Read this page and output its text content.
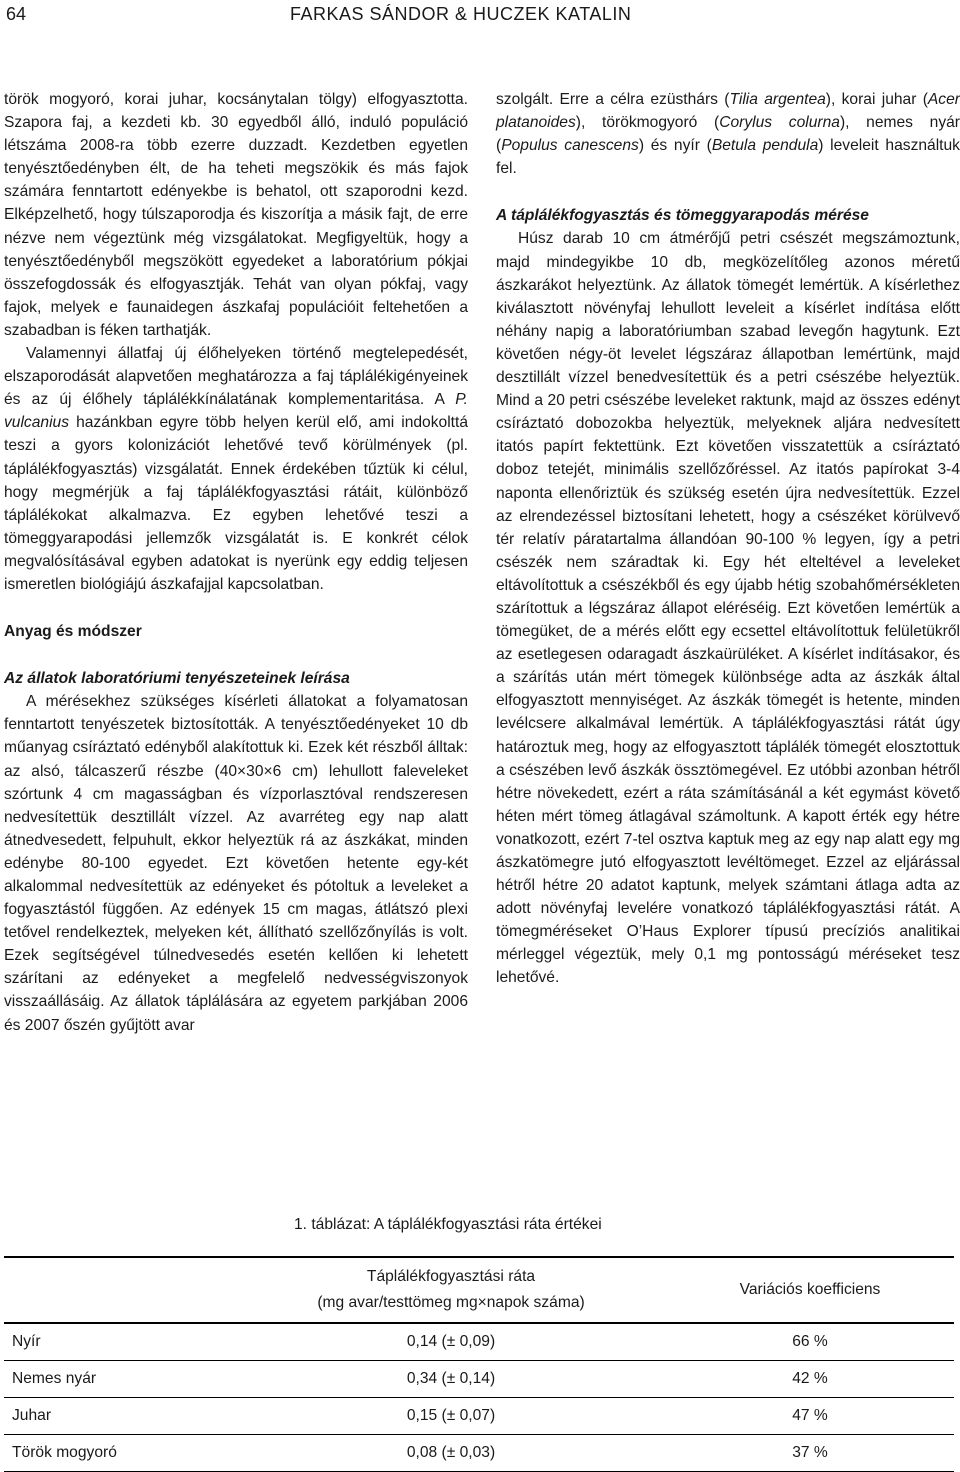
64	FARKAS SÁNDOR & HUCZEK KATALIN

török mogyoró, korai juhar, kocsánytalan tölgy) elfogyasztotta. Szapora faj, a kezdeti kb. 30 egyedből álló, induló populáció létszáma 2008-ra több ezerre duzzadt. Kezdetben egyetlen tenyésztőedényben élt, de ha teheti megszökik és más fajok számára fenntartott edényekbe is behatol, ott szaporodni kezd. Elképzelhető, hogy túlszaporodja és kiszorítja a másik fajt, de erre nézve nem végeztünk még vizsgálatokat. Megfigyeltük, hogy a tenyésztőedényből megszökött egyedeket a laboratórium pókjai összefogdossák és elfogyasztják. Tehát van olyan pókfaj, vagy fajok, melyek e faunaidegen ászkafaj populációit feltehetően a szabadban is féken tarthatják.

Valamennyi állatfaj új élőhelyeken történő megtelepedését, elszaporodását alapvetően meghatározza a faj táplálékigényeinek és az új élőhely táplálékkínálatának komplementaritása. A P. vulcanius hazánkban egyre több helyen kerül elő, ami indokolttá teszi a gyors kolonizációt lehetővé tevő körülmények (pl. táplálékfogyasztás) vizsgálatát. Ennek érdekében tűztük ki célul, hogy megmérjük a faj táplálékfogyasztási rátáit, különböző táplálékokat alkalmazva. Ez egyben lehetővé teszi a tömeggyarapodási jellemzők vizsgálatát is. E konkrét célok megvalósításával egyben adatokat is nyerünk egy eddig teljesen ismeretlen biológiájú ászkafajjal kapcsolatban.

Anyag és módszer

Az állatok laboratóriumi tenyészeteinek leírása

A mérésekhez szükséges kísérleti állatokat a folyamatosan fenntartott tenyészetek biztosították. A tenyésztőedényeket 10 db műanyag csíráztató edényből alakítottuk ki. Ezek két részből álltak: az alsó, tálcaszerű részbe (40×30×6 cm) lehullott faleveleket szórtunk 4 cm magasságban és vízporlasztóval rendszeresen nedvesítettük desztillált vízzel. Az avarréteg egy nap alatt átnedvesedett, felpuhult, ekkor helyeztük rá az ászkákat, minden edénybe 80-100 egyedet. Ezt követően hetente egy-két alkalommal nedvesítettük az edényeket és pótoltuk a leveleket a fogyasztástól függően. Az edények 15 cm magas, átlátszó plexi tetővel rendelkeztek, melyeken két, állítható szellőzőnyílás is volt. Ezek segítségével túlnedvesedés esetén kellően ki lehetett szárítani az edényeket a megfelelő nedvességviszonyok visszaállásáig. Az állatok táplálására az egyetem parkjában 2006 és 2007 őszén gyűjtött avar

szolgált. Erre a célra ezüsthárs (Tilia argentea), korai juhar (Acer platanoides), törökmogyoró (Corylus colurna), nemes nyár (Populus canescens) és nyír (Betula pendula) leveleit használtuk fel.

A táplálékfogyasztás és tömeggyarapodás mérése

Húsz darab 10 cm átmérőjű petri csészét megszámoztunk, majd mindegyikbe 10 db, megközelítőleg azonos méretű ászkarákot helyeztünk. Az állatok tömegét lemértük. A kísérlethez kiválasztott növényfaj lehullott leveleit a kísérlet indítása előtt néhány napig a laboratóriumban szabad levegőn hagytunk. Ezt követően négy-öt levelet légszáraz állapotban lemértünk, majd desztillált vízzel benedvesítettük és a petri csészébe helyeztük. Mind a 20 petri csészébe leveleket raktunk, majd az összes edényt csíráztató dobozokba helyeztük, melyeknek aljára nedvesített itatós papírt fektettünk. Ezt követően visszatettük a csíráztató doboz tetejét, minimális szellőzőréssel. Az itatós papírokat 3-4 naponta ellenőriztük és szükség esetén újra nedvesítettük. Ezzel az elrendezéssel biztosítani lehetett, hogy a csészéket körülvevő tér relatív páratartalma állandóan 90-100 % legyen, így a petri csészék nem száradtak ki. Egy hét elteltével a leveleket eltávolítottuk a csészékből és egy újabb hétig szobahőmérsékleten szárítottuk a légszáraz állapot eléréséig. Ezt követően lemértük a tömegüket, de a mérés előtt egy ecsettel eltávolítottuk felületükről az esetlegesen odaragadt ászkaürüléket. A kísérlet indításakor, és a szárítás után mért tömegek különbsége adta az ászkák által elfogyasztott mennyiséget. Az ászkák tömegét is hetente, minden levélcsere alkalmával lemértük. A táplálékfogyasztási rátát úgy határoztuk meg, hogy az elfogyasztott táplálék tömegét elosztottuk a csészében levő ászkák össztömegével. Ez utóbbi azonban hétről hétre növekedett, ezért a ráta számításánál a két egymást követő héten mért tömeg átlagával számoltunk. A kapott érték egy hétre vonatkozott, ezért 7-tel osztva kaptuk meg az egy nap alatt egy mg ászkatömegre jutó elfogyasztott levéltömeget. Ezzel az eljárással hétről hétre 20 adatot kaptunk, melyek számtani átlaga adta az adott növényfaj levelére vonatkozó táplálékfogyasztási rátát. A tömegméréseket O’Haus Explorer típusú precíziós analitikai mérleggel végeztük, mely 0,1 mg pontosságú méréseket tesz lehetővé.

1. táblázat: A táplálékfogyasztási ráta értékei
	Táplálékfogyasztási ráta
(mg avar/testtömeg mg×napok száma)	Variációs koefficiens
Nyír	0,14 (± 0,09)	66 %
Nemes nyár	0,34 (± 0,14)	42 %
Juhar	0,15 (± 0,07)	47 %
Török mogyoró	0,08 (± 0,03)	37 %
